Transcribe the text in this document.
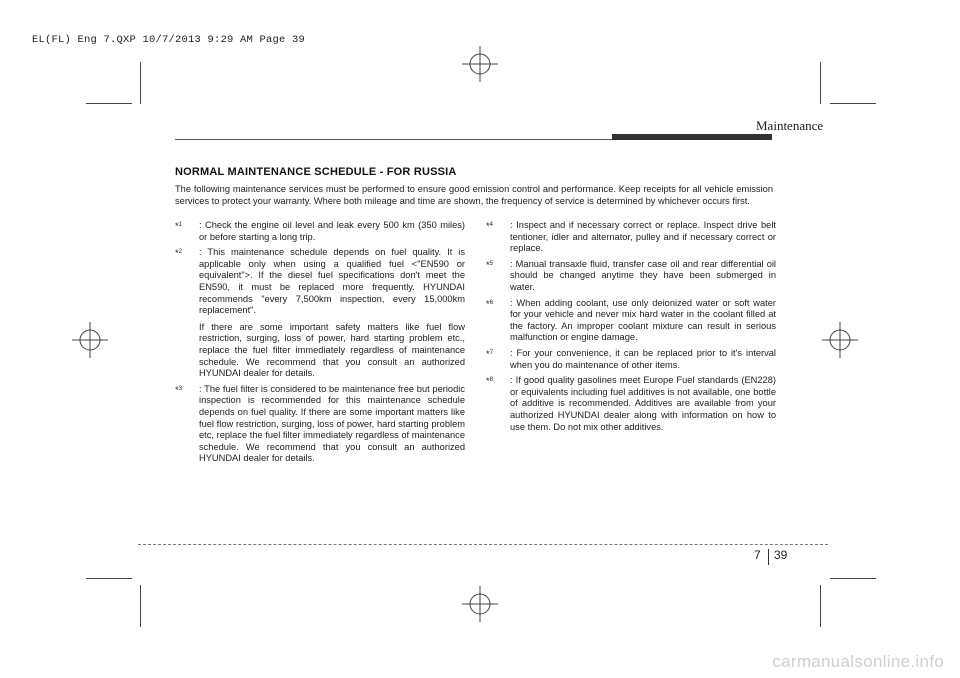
EL(FL) Eng 7.QXP 10/7/2013 9:29 AM Page 39
Maintenance
NORMAL MAINTENANCE SCHEDULE - FOR RUSSIA
The following maintenance services must be performed to ensure good emission control and performance. Keep receipts for all vehicle emission services to protect your warranty. Where both mileage and time are shown, the frequency of service is determined by whichever occurs first.
*$^1$ : Check the engine oil level and leak every 500 km (350 miles) or before starting a long trip.

*$^2$ : This maintenance schedule depends on fuel quality. It is applicable only when using a qualified fuel <"EN590 or equivalent">. If the diesel fuel specifications don't meet the EN590, it must be replaced more frequently. HYUNDAI recommends "every 7,500km inspection, every 15,000km replacement".

If there are some important safety matters like fuel flow restriction, surging, loss of power, hard starting problem etc., replace the fuel filter immediately regardless of maintenance schedule. We recommend that you consult an authorized HYUNDAI dealer for details.

*$^3$ : The fuel filter is considered to be maintenance free but periodic inspection is recommended for this maintenance schedule depends on fuel quality. If there are some important matters like fuel flow restriction, surging, loss of power, hard starting problem etc, replace the fuel filter immediately regardless of maintenance schedule. We recommend that you consult an authorized HYUNDAI dealer for details.

*$^4$ : Inspect and if necessary correct or replace. Inspect drive belt tentioner, idler and alternator, pulley and if necessary correct or replace.

*$^5$ : Manual transaxle fluid, transfer case oil and rear differential oil should be changed anytime they have been submerged in water.

*$^6$ : When adding coolant, use only deionized water or soft water for your vehicle and never mix hard water in the coolant filled at the factory. An improper coolant mixture can result in serious malfunction or engine damage.

*$^7$ : For your convenience, it can be replaced prior to it's interval when you do maintenance of other items.

*$^8$ : If good quality gasolines meet Europe Fuel standards (EN228) or equivalents including fuel additives is not available, one bottle of additive is recommended. Additives are available from your authorized HYUNDAI dealer along with information on how to use them. Do not mix other additives.

7 39
carmanualsonline.info
